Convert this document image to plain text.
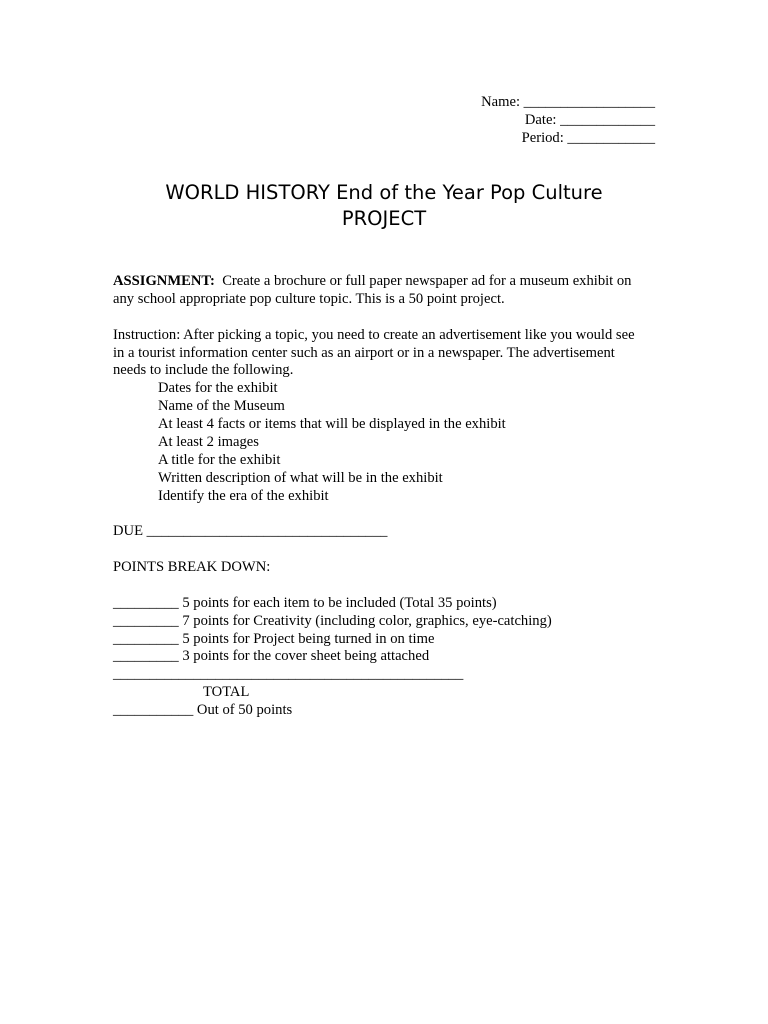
Name: __________________
Date: _____________
Period: ____________
WORLD HISTORY End of the Year Pop Culture
PROJECT
ASSIGNMENT:  Create a brochure or full paper newspaper ad for a museum exhibit on
any school appropriate pop culture topic. This is a 50 point project.
Instruction: After picking a topic, you need to create an advertisement like you would see
in a tourist information center such as an airport or in a newspaper. The advertisement
needs to include the following.
Dates for the exhibit
Name of the Museum
At least 4 facts or items that will be displayed in the exhibit
At least 2 images
A title for the exhibit
Written description of what will be in the exhibit
Identify the era of the exhibit
DUE _________________________________
POINTS BREAK DOWN:
_________ 5 points for each item to be included (Total 35 points)
_________ 7 points for Creativity (including color, graphics, eye-catching)
_________ 5 points for Project being turned in on time
_________ 3 points for the cover sheet being attached
________________________________________________
TOTAL
___________ Out of 50 points
